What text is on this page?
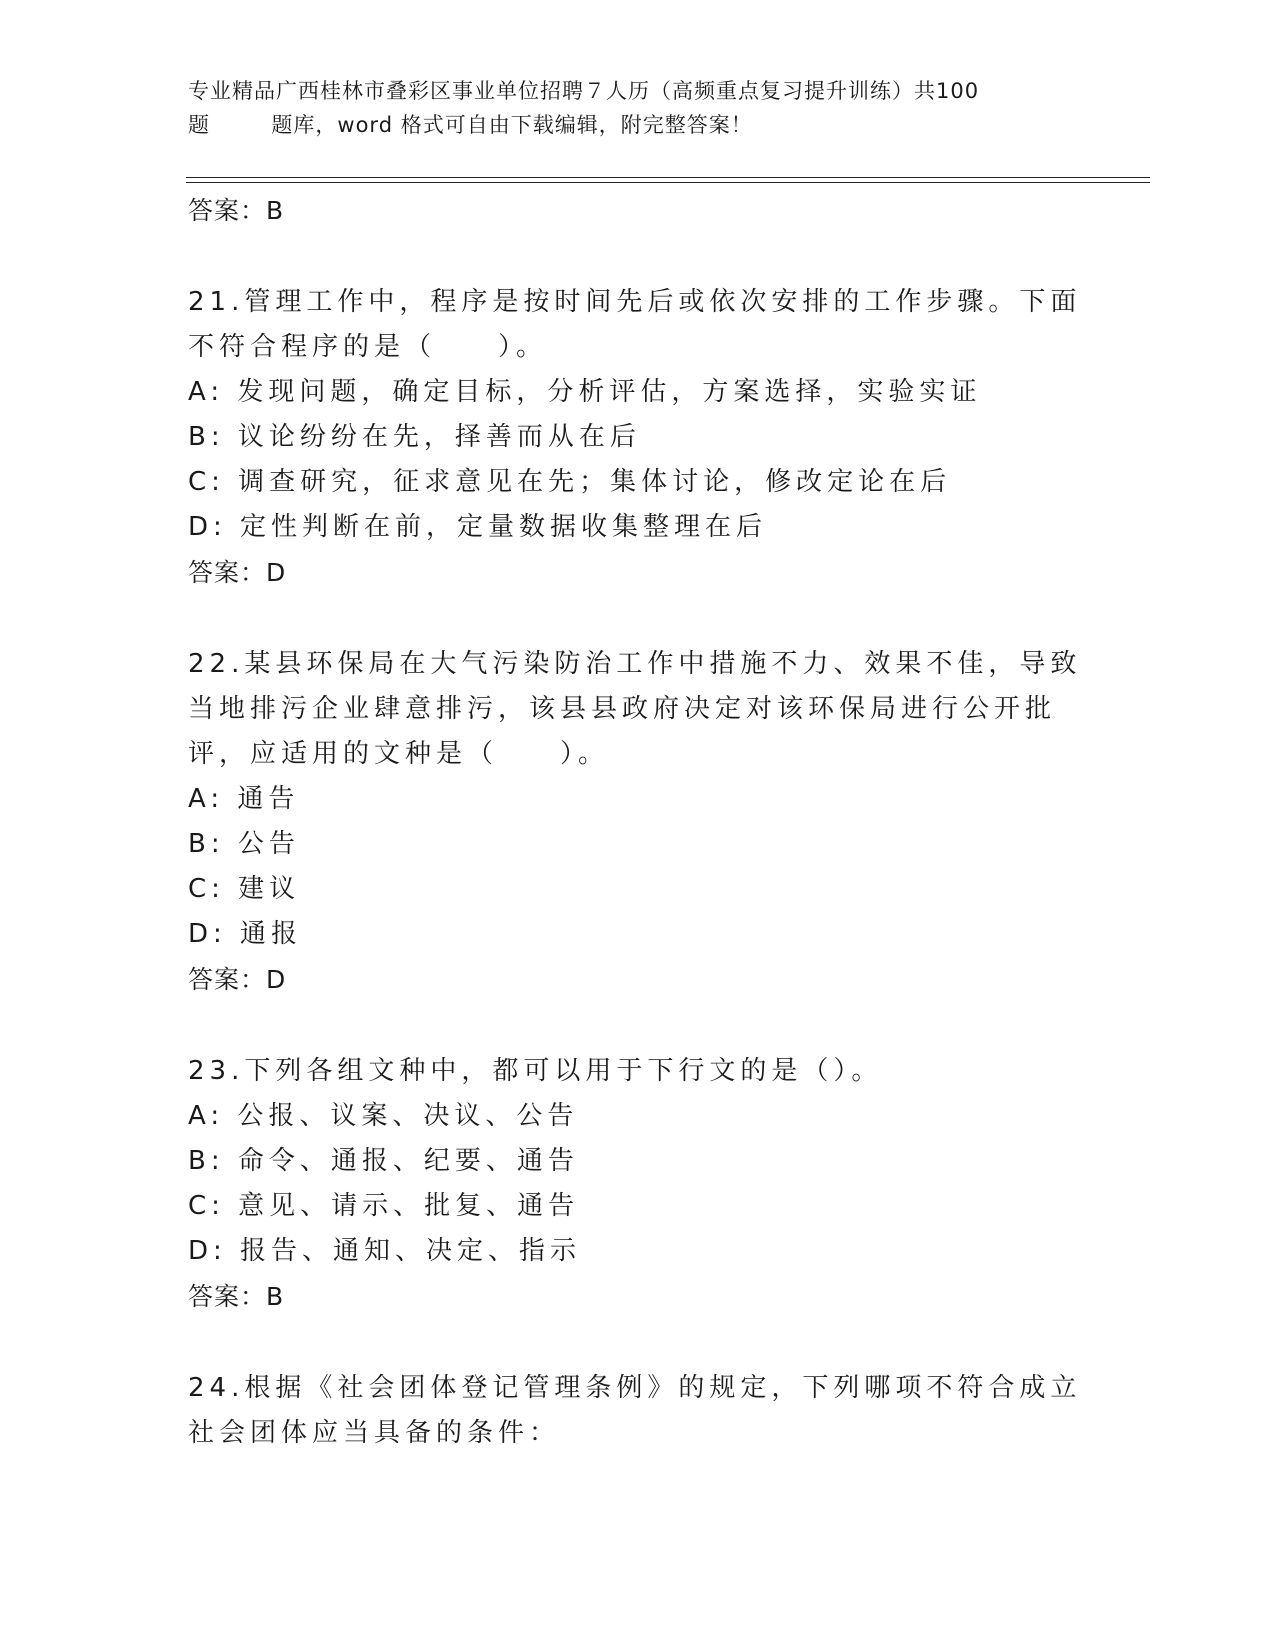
专业精品广西桂林市叠彩区事业单位招聘７人历（高频重点复习提升训练）共100
题        题库，word 格式可自由下载编辑，附完整答案！
答案：B
21.管理工作中，程序是按时间先后或依次安排的工作步骤。下面不符合程序的是（　　）。
A: 发现问题，确定目标，分析评估，方案选择，实验实证
B: 议论纷纷在先，择善而从在后
C: 调查研究，征求意见在先；集体讨论，修改定论在后
D: 定性判断在前，定量数据收集整理在后
答案：D
22.某县环保局在大气污染防治工作中措施不力、效果不佳，导致当地排污企业肆意排污，该县县政府决定对该环保局进行公开批评，应适用的文种是（　　）。
A: 通告
B: 公告
C: 建议
D: 通报
答案：D
23.下列各组文种中，都可以用于下行文的是（）。
A: 公报、议案、决议、公告
B: 命令、通报、纪要、通告
C: 意见、请示、批复、通告
D: 报告、通知、决定、指示
答案：B
24.根据《社会团体登记管理条例》的规定，下列哪项不符合成立社会团体应当具备的条件：
